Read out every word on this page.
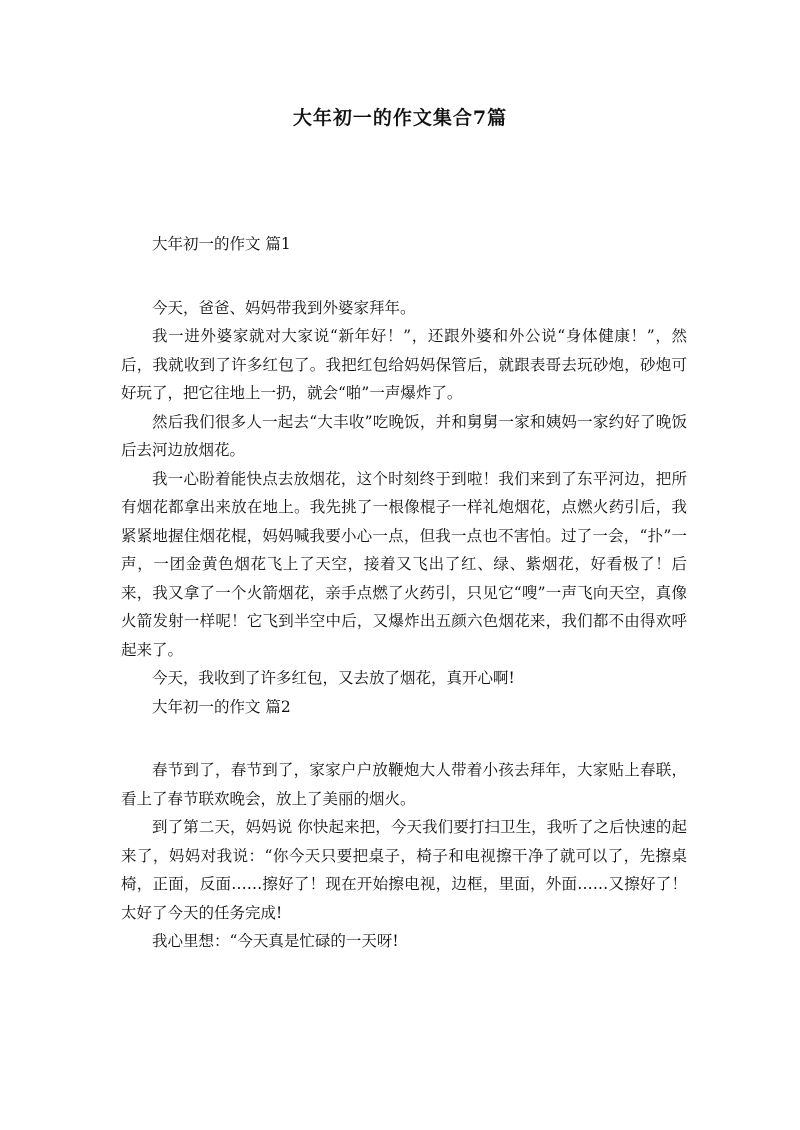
大年初一的作文集合7篇

大年初一的作文 篇1

今天，爸爸、妈妈带我到外婆家拜年。

我一进外婆家就对大家说“新年好！”，还跟外婆和外公说“身体健康！”，然后，我就收到了许多红包了。我把红包给妈妈保管后，就跟表哥去玩砂炮，砂炮可好玩了，把它往地上一扔，就会“啪”一声爆炸了。

然后我们很多人一起去“大丰收”吃晚饭，并和舅舅一家和姨妈一家约好了晚饭后去河边放烟花。

我一心盼着能快点去放烟花，这个时刻终于到啦！我们来到了东平河边，把所有烟花都拿出来放在地上。我先挑了一根像棍子一样礼炮烟花，点燃火药引后，我紧紧地握住烟花棍，妈妈喊我要小心一点，但我一点也不害怕。过了一会，“扑”一声，一团金黄色烟花飞上了天空，接着又飞出了红、绿、紫烟花，好看极了！后来，我又拿了一个火箭烟花，亲手点燃了火药引，只见它“嗖”一声飞向天空，真像火箭发射一样呢！它飞到半空中后，又爆炸出五颜六色烟花来，我们都不由得欢呼起来了。

今天，我收到了许多红包，又去放了烟花，真开心啊!

大年初一的作文 篇2

春节到了，春节到了，家家户户放鞭炮大人带着小孩去拜年，大家贴上春联，看上了春节联欢晚会，放上了美丽的烟火。

到了第二天，妈妈说 你快起来把，今天我们要打扫卫生，我听了之后快速的起来了，妈妈对我说：“你今天只要把桌子，椅子和电视擦干净了就可以了，先擦桌椅，正面，反面……擦好了！现在开始擦电视，边框，里面，外面……又擦好了！太好了今天的任务完成!

我心里想：“今天真是忙碌的一天呀!
